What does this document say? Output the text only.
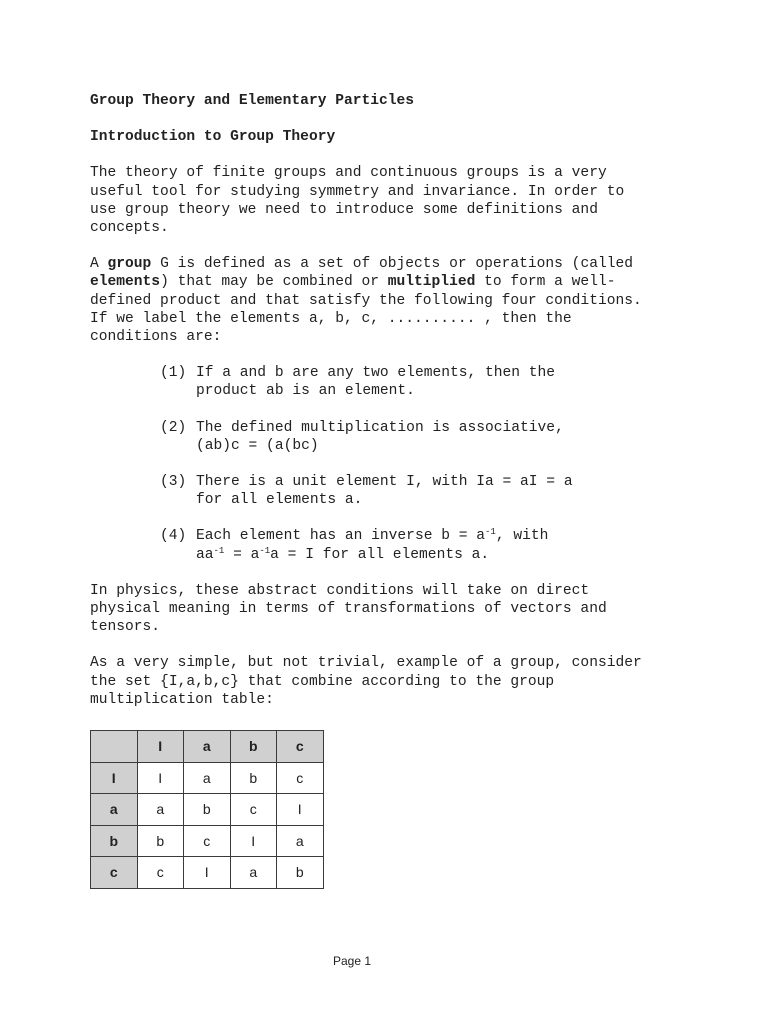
Group Theory and Elementary Particles

Introduction to Group Theory

The theory of finite groups and continuous groups is a very
useful tool for studying symmetry and invariance. In order to
use group theory we need to introduce some definitions and
concepts.

A group G is defined as a set of objects or operations (called
elements) that may be combined or multiplied to form a well-
defined product and that satisfy the following four conditions.
If we label the elements a, b, c, .......... , then the
conditions are:

(1) If a and b are any two elements, then the
product ab is an element.

(2) The defined multiplication is associative,
(ab)c = (a(bc)

(3) There is a unit element I, with Ia = aI = a
for all elements a.

(4) Each element has an inverse $b = a^{-1}$, with
$aa^{-1} = a^{-1}a = I$ for all elements a.

In physics, these abstract conditions will take on direct
physical meaning in terms of transformations of vectors and
tensors.

As a very simple, but not trivial, example of a group, consider
the set {I,a,b,c} that combine according to the group
multiplication table:

	I	a	b	c
I	I	a	b	c
a	a	b	c	I
b	b	c	I	a
c	c	I	a	b
Page 1
